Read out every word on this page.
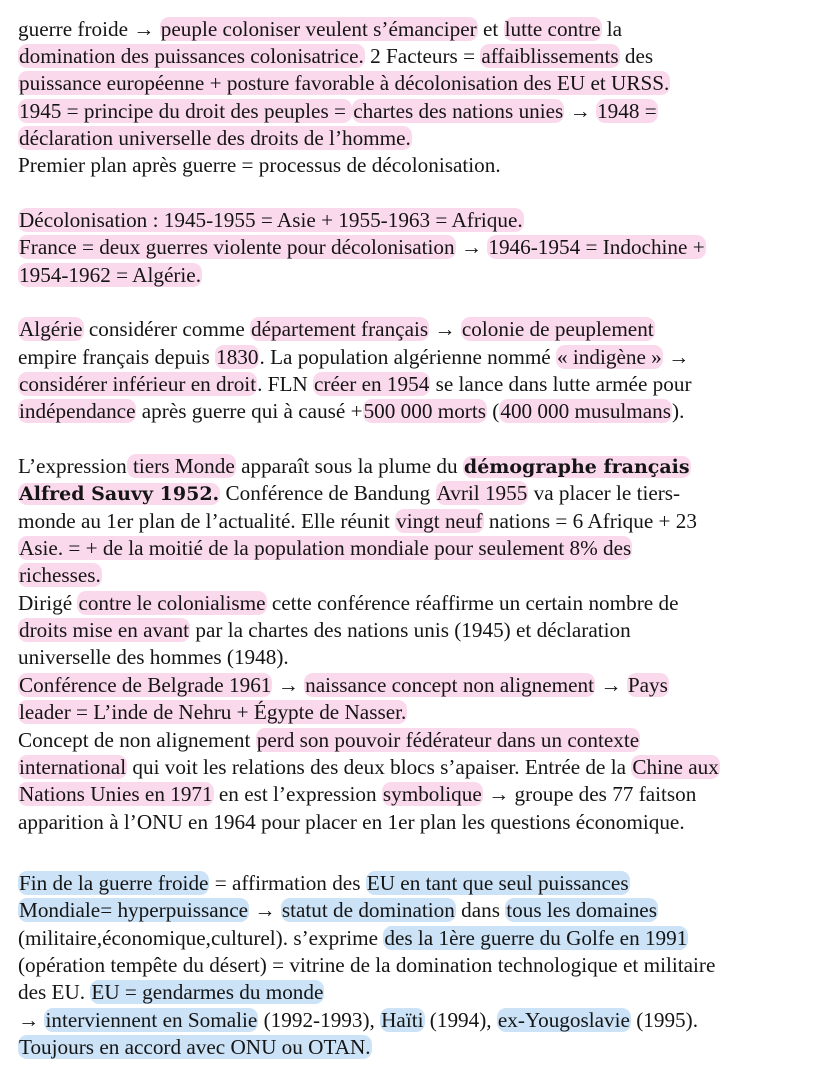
guerre froide → peuple coloniser veulent s’émanciper et lutte contre la
domination des puissances colonisatrice. 2 Facteurs = affaiblissements des
puissance européenne + posture favorable à décolonisation des EU et URSS.
1945 = principe du droit des peuples = chartes des nations unies → 1948 =
déclaration universelle des droits de l’homme.
Premier plan après guerre = processus de décolonisation.
Décolonisation : 1945-1955 = Asie + 1955-1963 = Afrique.
France = deux guerres violente pour décolonisation → 1946-1954 = Indochine +
1954-1962 = Algérie.
Algérie considérer comme département français → colonie de peuplement
empire français depuis 1830. La population algérienne nommé « indigène » →
considérer inférieur en droit. FLN créer en 1954 se lance dans lutte armée pour
indépendance après guerre qui à causé +500 000 morts (400 000 musulmans).
L’expression tiers Monde apparaît sous la plume du démographe français
Alfred Sauvy 1952. Conférence de Bandung Avril 1955 va placer le tiers-
monde au 1er plan de l’actualité. Elle réunit vingt neuf nations = 6 Afrique + 23
Asie. = + de la moitié de la population mondiale pour seulement 8% des
richesses.
Dirigé contre le colonialisme cette conférence réaffirme un certain nombre de
droits mise en avant par la chartes des nations unis (1945) et déclaration
universelle des hommes (1948).
Conférence de Belgrade 1961 → naissance concept non alignement → Pays
leader = L’inde de Nehru + Égypte de Nasser.
Concept de non alignement perd son pouvoir fédérateur dans un contexte
international qui voit les relations des deux blocs s’apaiser. Entrée de la Chine aux
Nations Unies en 1971 en est l’expression symbolique → groupe des 77 faitson
apparition à l’ONU en 1964 pour placer en 1er plan les questions économique.
Fin de la guerre froide = affirmation des EU en tant que seul puissances
Mondiale= hyperpuissance → statut de domination dans tous les domaines
(militaire,économique,culturel). s’exprime des la 1ère guerre du Golfe en 1991
(opération tempête du désert) = vitrine de la domination technologique et militaire
des EU. EU = gendarmes du monde
→ interviennent en Somalie (1992-1993), Haïti (1994), ex-Yougoslavie (1995).
Toujours en accord avec ONU ou OTAN.
